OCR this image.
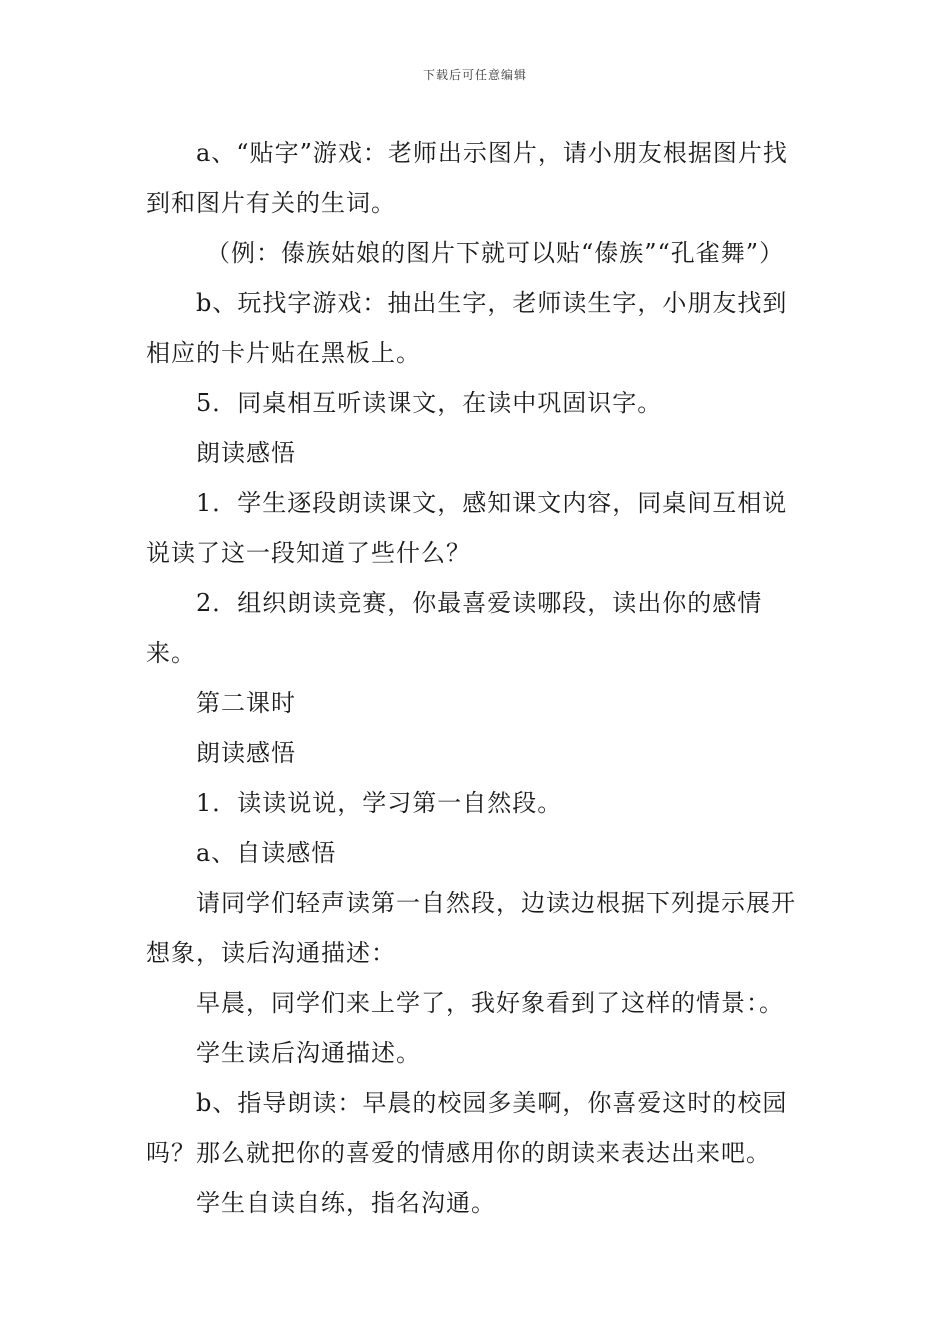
下载后可任意编辑

a、“贴字”游戏：老师出示图片，请小朋友根据图片找到和图片有关的生词。

（例：傣族姑娘的图片下就可以贴“傣族”“孔雀舞”）

b、玩找字游戏：抽出生字，老师读生字，小朋友找到相应的卡片贴在黑板上。

5．同桌相互听读课文，在读中巩固识字。

朗读感悟

1．学生逐段朗读课文，感知课文内容，同桌间互相说说读了这一段知道了些什么？

2．组织朗读竞赛，你最喜爱读哪段，读出你的感情来。

第二课时

朗读感悟

1．读读说说，学习第一自然段。

a、自读感悟

请同学们轻声读第一自然段，边读边根据下列提示展开想象，读后沟通描述：

早晨，同学们来上学了，我好象看到了这样的情景：。

学生读后沟通描述。

b、指导朗读：早晨的校园多美啊，你喜爱这时的校园吗？那么就把你的喜爱的情感用你的朗读来表达出来吧。

学生自读自练，指名沟通。
